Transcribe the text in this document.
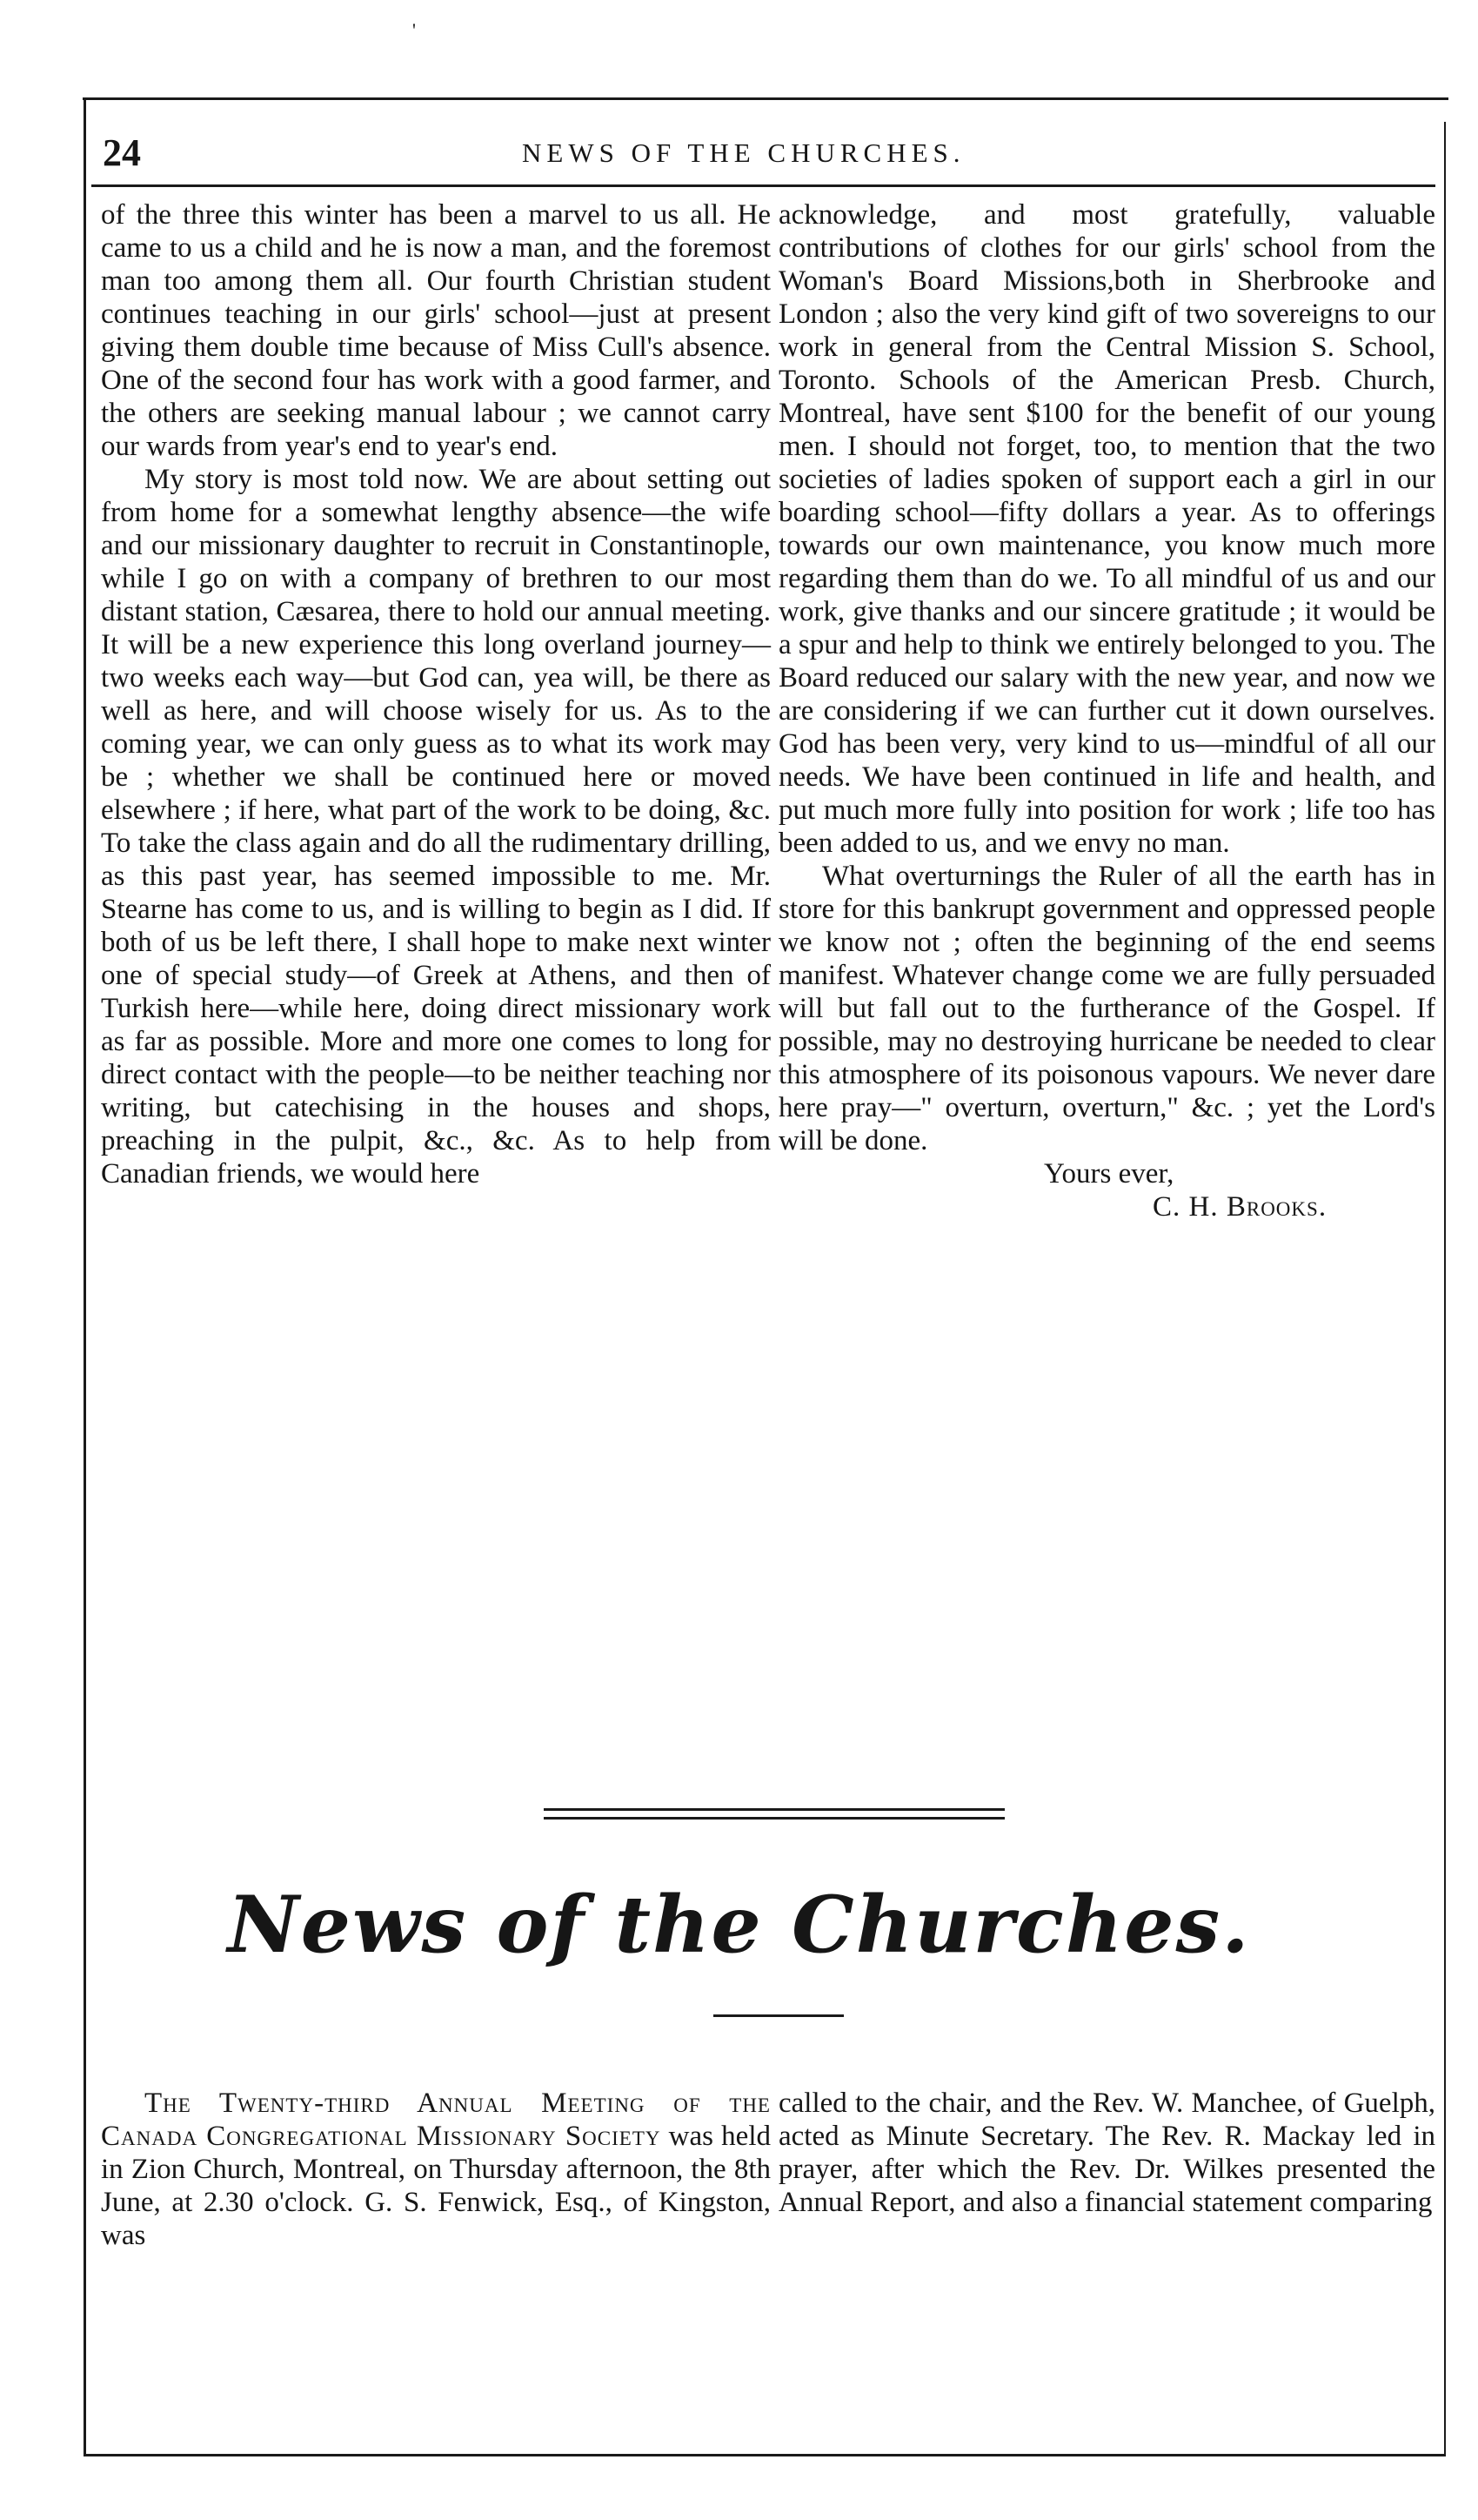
'
24	NEWS OF THE CHURCHES.

of the three this winter has been a marvel to us all. He came to us a child and he is now a man, and the foremost man too among them all. Our fourth Christian student continues teaching in our girls' school—just at present giving them double time because of Miss Cull's absence. One of the second four has work with a good farmer, and the others are seeking manual labour ; we cannot carry our wards from year's end to year's end.

My story is most told now. We are about setting out from home for a somewhat lengthy absence—the wife and our missionary daughter to recruit in Constantinople, while I go on with a company of brethren to our most distant station, Cæsarea, there to hold our annual meeting. It will be a new experience this long overland journey—two weeks each way—but God can, yea will, be there as well as here, and will choose wisely for us. As to the coming year, we can only guess as to what its work may be ; whether we shall be continued here or moved elsewhere ; if here, what part of the work to be doing, &c. To take the class again and do all the rudimentary drilling, as this past year, has seemed impossible to me. Mr. Stearne has come to us, and is willing to begin as I did. If both of us be left there, I shall hope to make next winter one of special study—of Greek at Athens, and then of Turkish here—while here, doing direct missionary work as far as possible. More and more one comes to long for direct contact with the people—to be neither teaching nor writing, but catechising in the houses and shops, preaching in the pulpit, &c., &c. As to help from Canadian friends, we would here

acknowledge, and most gratefully, valuable contributions of clothes for our girls' school from the Woman's Board Missions,both in Sherbrooke and London ; also the very kind gift of two sovereigns to our work in general from the Central Mission S. School, Toronto. Schools of the American Presb. Church, Montreal, have sent $100 for the benefit of our young men. I should not forget, too, to mention that the two societies of ladies spoken of support each a girl in our boarding school—fifty dollars a year. As to offerings towards our own maintenance, you know much more regarding them than do we. To all mindful of us and our work, give thanks and our sincere gratitude ; it would be a spur and help to think we entirely belonged to you. The Board reduced our salary with the new year, and now we are considering if we can further cut it down ourselves. God has been very, very kind to us—mindful of all our needs. We have been continued in life and health, and put much more fully into position for work ; life too has been added to us, and we envy no man.

What overturnings the Ruler of all the earth has in store for this bankrupt government and oppressed people we know not ; often the beginning of the end seems manifest. Whatever change come we are fully persuaded will but fall out to the furtherance of the Gospel. If possible, may no destroying hurricane be needed to clear this atmosphere of its poisonous vapours. We never dare here pray—" overturn, overturn," &c. ; yet the Lord's will be done.

Yours ever,

C. H. Brooks.

News of the Churches.

The Twenty-third Annual Meeting of the Canada Congregational Missionary Society was held in Zion Church, Montreal, on Thursday afternoon, the 8th June, at 2.30 o'clock. G. S. Fenwick, Esq., of Kingston, was

called to the chair, and the Rev. W. Manchee, of Guelph, acted as Minute Secretary. The Rev. R. Mackay led in prayer, after which the Rev. Dr. Wilkes presented the Annual Report, and also a financial statement comparing
